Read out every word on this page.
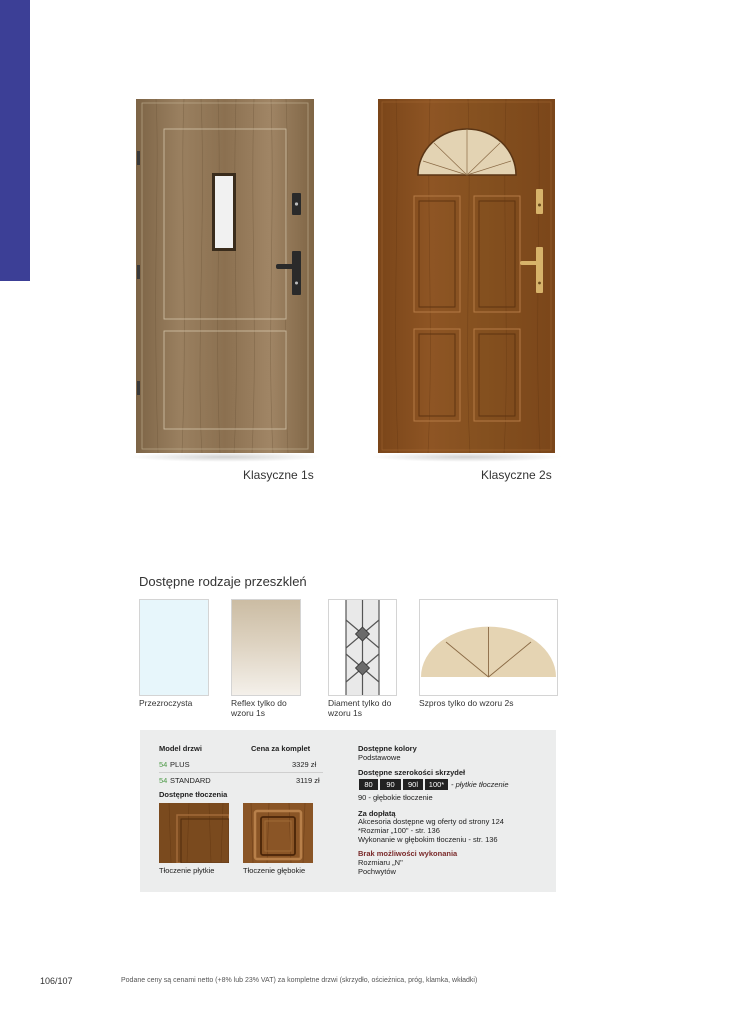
Klasyczne 1s	Klasyczne 2s
Dostępne rodzaje przeszkleń
Przezroczysta	Reflex tylko do wzoru 1s
Diament tylko do wzoru 1s
Szpros tylko do wzoru 2s
Model drzwi	Cena za komplet
54 PLUS	3329 zł
54 STANDARD	3119 zł
Dostępne tłoczenia
Tłoczenie płytkie	Tłoczenie głębokie
Dostępne kolory
Podstawowe
Dostępne szerokości skrzydeł
80	90	90l	100* - płytkie tłoczenie
90 - głębokie tłoczenie
Za dopłatą
Akcesoria dostępne wg oferty od strony 124
*Rozmiar „100" - str. 136
Wykonanie w głębokim tłoczeniu - str. 136
Brak możliwości wykonania
Rozmiaru „N"
Pochwytów
106/107	Podane ceny są cenami netto (+8% lub 23% VAT) za kompletne drzwi (skrzydło, ościeżnica, próg, klamka, wkładki)
